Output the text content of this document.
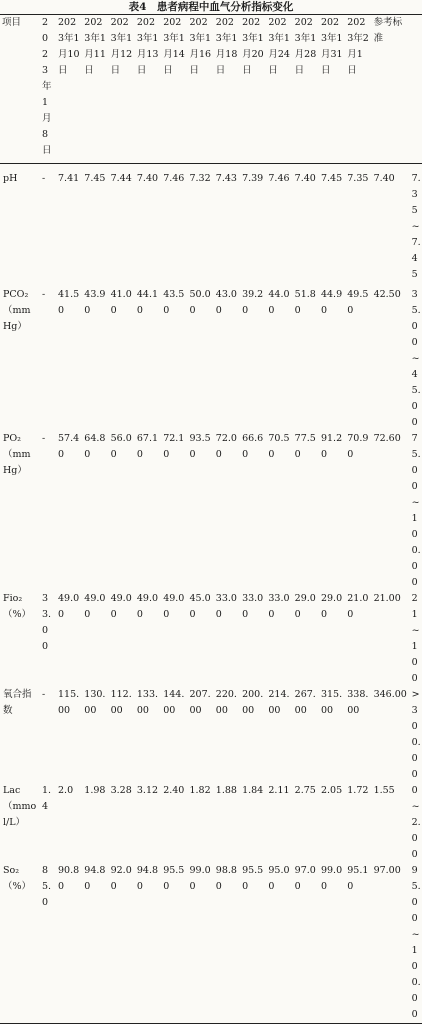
表4　患者病程中血气分析指标变化
项目	2023年1月8日	2023年1月10日	2023年1月11日	2023年1月12日	2023年1月13日	2023年1月14日	2023年1月16日	2023年1月18日	2023年1月20日	2023年1月24日	2023年1月28日	2023年1月31日	2023年2月1日	参考标准	
pH	-	7.41	7.45	7.44	7.40	7.46	7.32	7.43	7.39	7.46	7.40	7.45	7.35	7.40	7.35~7.45
PCO₂（mmHg）	-	41.50	43.90	41.00	44.10	43.50	50.00	43.00	39.20	44.00	51.80	44.90	49.50	42.50	35.00~45.00
PO₂（mmHg）	-	57.40	64.80	56.00	67.10	72.10	93.50	72.00	66.60	70.50	77.50	91.20	70.90	72.60	75.00~100.00
Fio₂（%）	33.00	49.00	49.00	49.00	49.00	49.00	45.00	33.00	33.00	33.00	29.00	29.00	21.00	21.00	21~100
氧合指数	-	115.00	130.00	112.00	133.00	144.00	207.00	220.00	200.00	214.00	267.00	315.00	338.00	346.00	>300.00
Lac（mmol/L）	1.4	2.0	1.98	3.28	3.12	2.40	1.82	1.88	1.84	2.11	2.75	2.05	1.72	1.55	0~2.00
So₂（%）	85.0	90.80	94.80	92.00	94.80	95.50	99.00	98.80	95.50	95.00	97.00	99.00	95.10	97.00	95.00~100.00
